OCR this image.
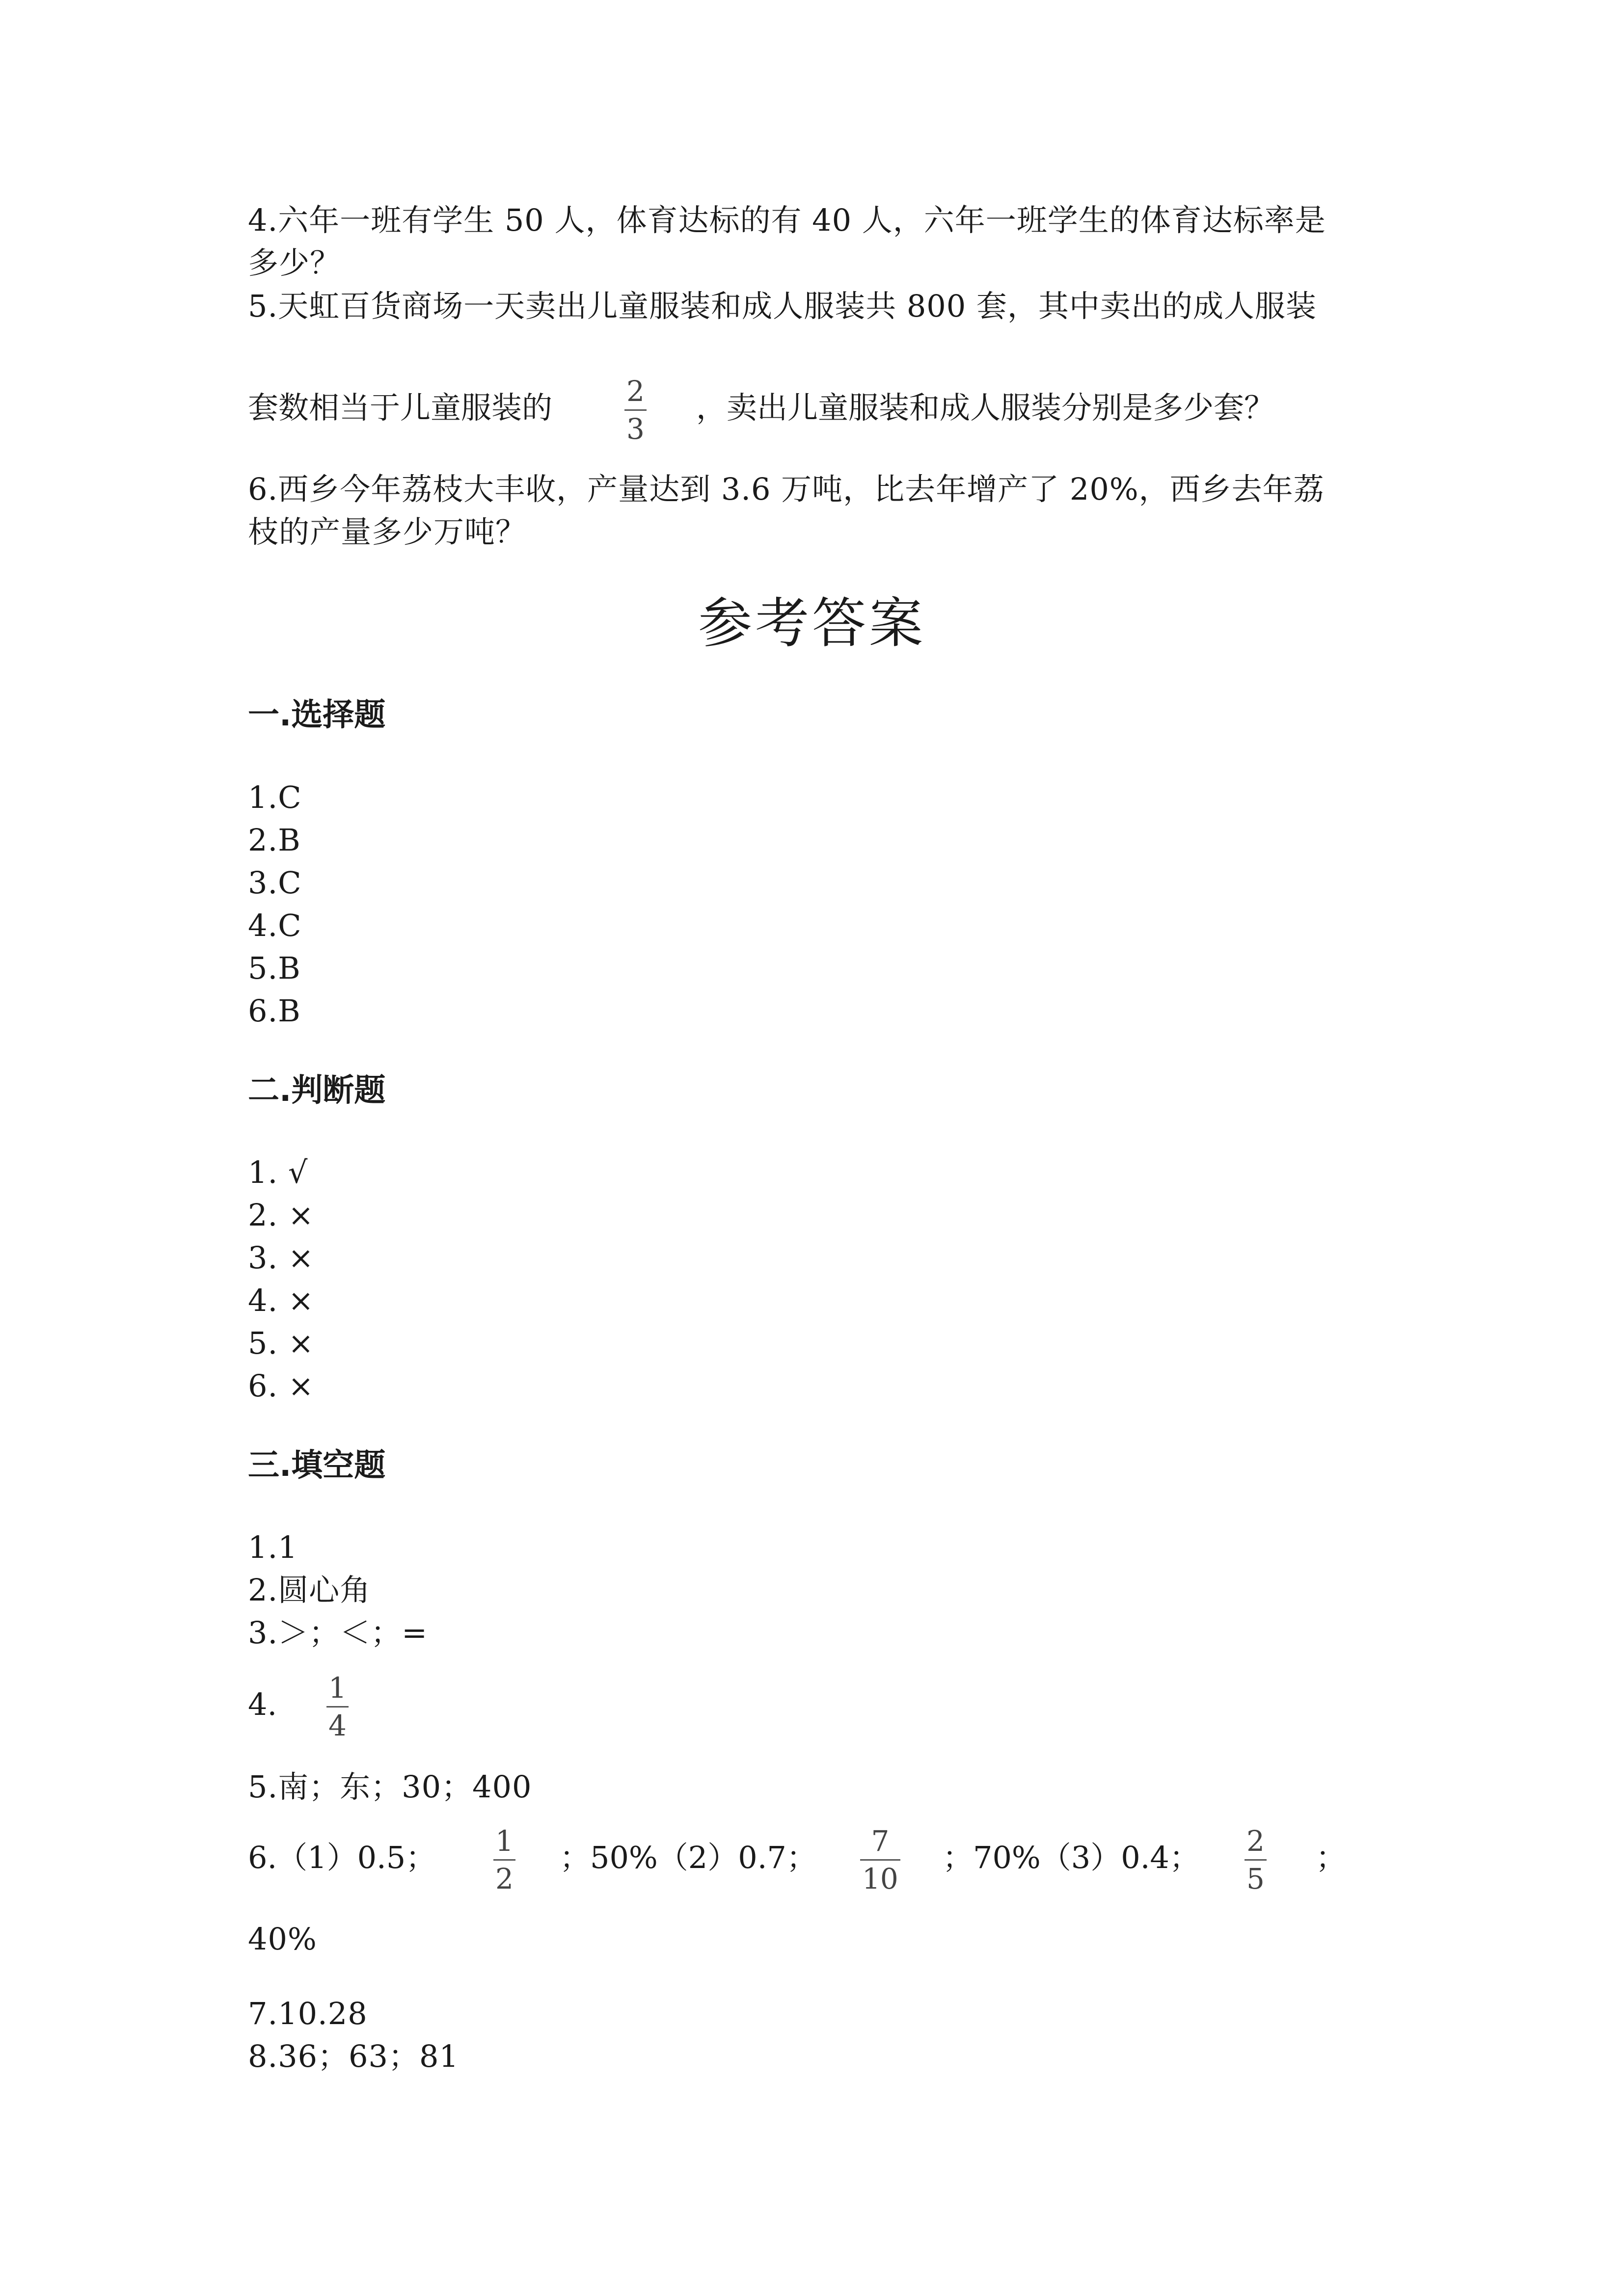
4.六年一班有学生 50 人，体育达标的有 40 人，六年一班学生的体育达标率是
多少？
5.天虹百货商场一天卖出儿童服装和成人服装共 800 套，其中卖出的成人服装
套数相当于儿童服装的	2
3
，卖出儿童服装和成人服装分别是多少套？
6.西乡今年荔枝大丰收，产量达到 3.6 万吨，比去年增产了 20%，西乡去年荔
枝的产量多少万吨？
参考答案
一.选择题
1.C
2.B
3.C
4.C
5.B
6.B
二.判断题
1. √
2. ×
3. ×
4. ×
5. ×
6. ×
三.填空题
1.1
2.圆心角
3.＞；＜；=
4. 1
4
5.南；东；30；400
6.（1）0.5； 1
2
；50%（2）0.7； 7
10
；70%（3）0.4； 2
5
；
40%
7.10.28
8.36；63；81
